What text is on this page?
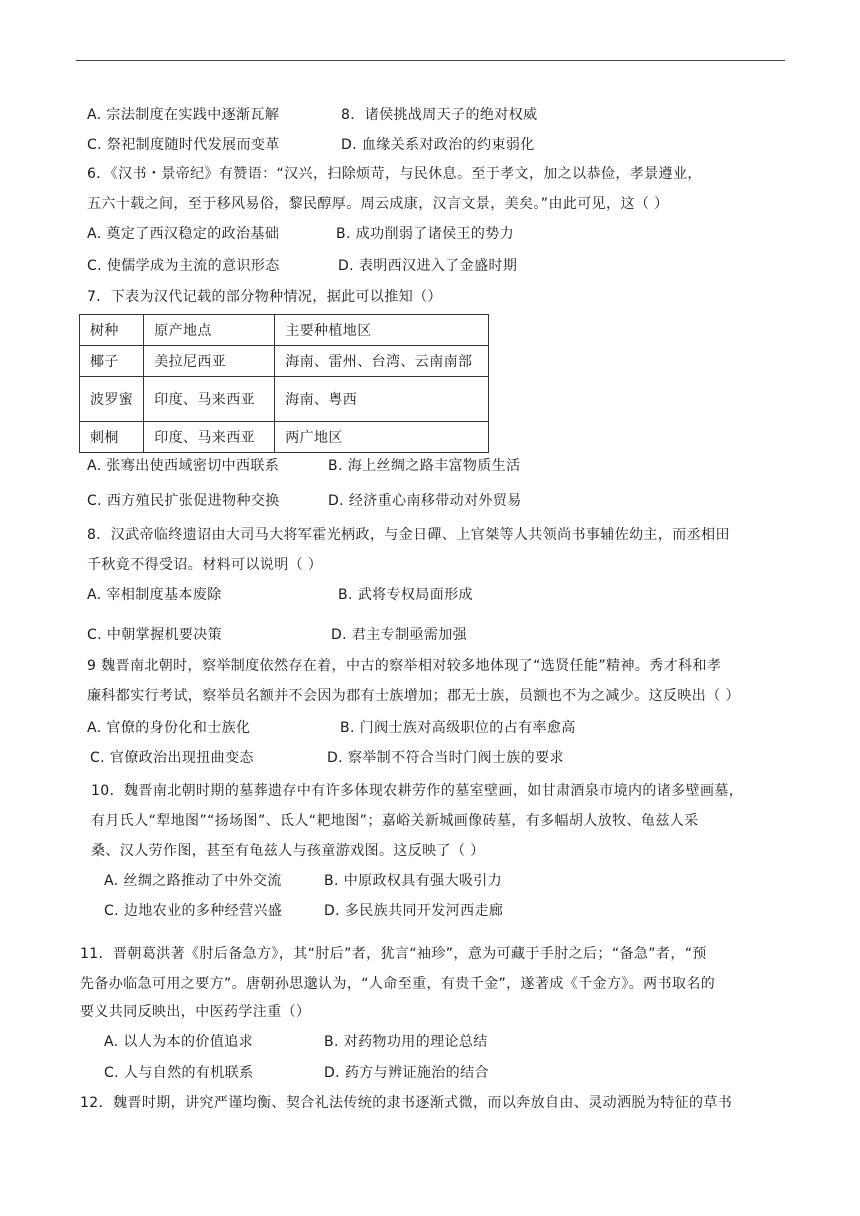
A. 宗法制度在实践中逐渐瓦解	8．诸侯挑战周天子的绝对权威
C. 祭祀制度随时代发展而变革	D. 血缘关系对政治的约束弱化
6．《汉书・景帝纪》有赞语：“汉兴，扫除烦苛，与民休息。至于孝文，加之以恭俭，孝景遵业，
五六十载之间，至于移风易俗，黎民醇厚。周云成康，汉言文景，美矣。”由此可见，这（ ）
A. 奠定了西汉稳定的政治基础	B. 成功削弱了诸侯王的势力
C. 使儒学成为主流的意识形态	D. 表明西汉进入了金盛时期
7．下表为汉代记载的部分物种情况，据此可以推知（）
树种	原产地点	主要种植地区
椰子	美拉尼西亚	海南、雷州、台湾、云南南部
波罗蜜	印度、马来西亚	海南、粤西
刺桐	印度、马来西亚	两广地区
A. 张骞出使西域密切中西联系	B. 海上丝绸之路丰富物质生活
C. 西方殖民扩张促进物种交换	D. 经济重心南移带动对外贸易
8．汉武帝临终遗诏由大司马大将军霍光柄政，与金日磾、上官桀等人共领尚书事辅佐幼主，而丞相田
千秋竟不得受诏。材料可以说明（ ）
A. 宰相制度基本废除	B. 武将专权局面形成
C. 中朝掌握机要决策	D. 君主专制亟需加强
9 魏晋南北朝时，察举制度依然存在着，中古的察举相对较多地体现了“选贤任能”精神。秀才科和孝
廉科都实行考试，察举员名额并不会因为郡有士族增加；郡无士族，员额也不为之减少。这反映出（ ）
A. 官僚的身份化和士族化	B. 门阀士族对高级职位的占有率愈高
C. 官僚政治出现扭曲变态	D. 察举制不符合当时门阀士族的要求
10．魏晋南北朝时期的墓葬遗存中有许多体现农耕劳作的墓室壁画，如甘肃酒泉市境内的诸多壁画墓，
有月氏人“犁地图”“扬场图”、氐人“耙地图”；嘉峪关新城画像砖墓，有多幅胡人放牧、龟兹人采
桑、汉人劳作图，甚至有龟兹人与孩童游戏图。这反映了（ ）
A. 丝绸之路推动了中外交流	B. 中原政权具有强大吸引力
C. 边地农业的多种经营兴盛	D. 多民族共同开发河西走廊
11．晋朝葛洪著《肘后备急方》，其“肘后”者，犹言“袖珍”，意为可藏于手肘之后；“备急”者，“预
先备办临急可用之要方”。唐朝孙思邈认为，“人命至重，有贵千金”，遂著成《千金方》。两书取名的
要义共同反映出，中医药学注重（）
A. 以人为本的价值追求	B. 对药物功用的理论总结
C. 人与自然的有机联系	D. 药方与辨证施治的结合
12．魏晋时期，讲究严谨均衡、契合礼法传统的隶书逐渐式微，而以奔放自由、灵动洒脱为特征的草书
